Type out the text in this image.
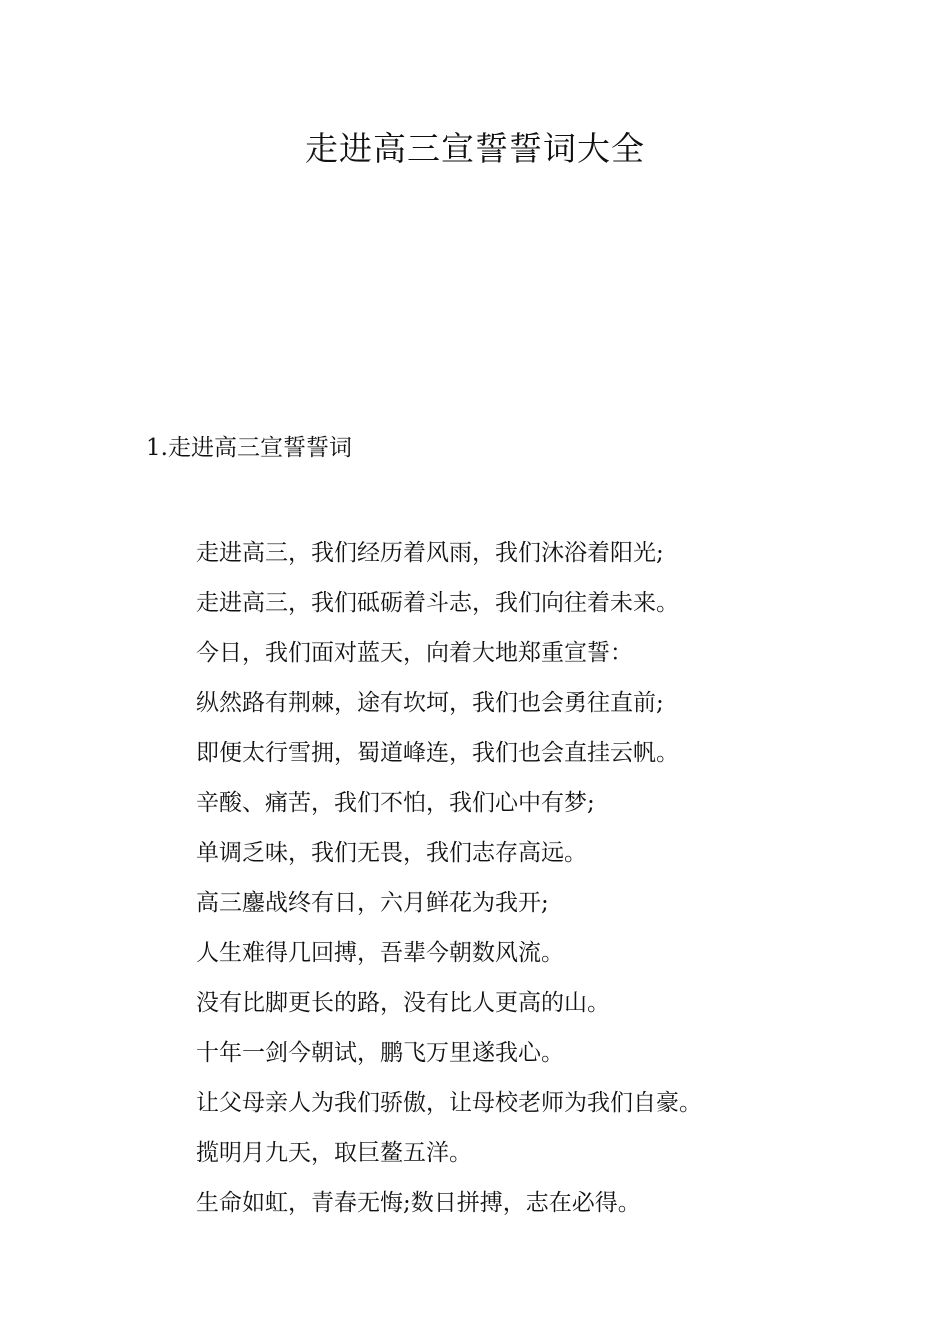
走进高三宣誓誓词大全
1.走进高三宣誓誓词
走进高三，我们经历着风雨，我们沐浴着阳光;
走进高三，我们砥砺着斗志，我们向往着未来。
今日，我们面对蓝天，向着大地郑重宣誓：
纵然路有荆棘，途有坎坷，我们也会勇往直前;
即便太行雪拥，蜀道峰连，我们也会直挂云帆。
辛酸、痛苦，我们不怕，我们心中有梦;
单调乏味，我们无畏，我们志存高远。
高三鏖战终有日，六月鲜花为我开;
人生难得几回搏，吾辈今朝数风流。
没有比脚更长的路，没有比人更高的山。
十年一剑今朝试，鹏飞万里遂我心。
让父母亲人为我们骄傲，让母校老师为我们自豪。
揽明月九天，取巨鳌五洋。
生命如虹，青春无悔;数日拼搏，志在必得。
